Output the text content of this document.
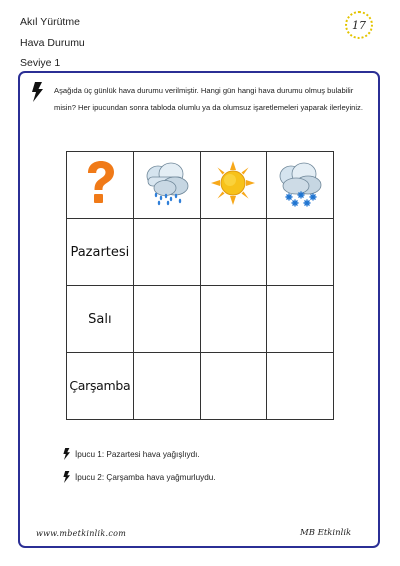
Akıl Yürütme
Hava Durumu
Seviye 1
17
Aşağıda üç günlük hava durumu verilmiştir. Hangi gün hangi hava durumu olmuş bulabilir misin? Her ipucundan sonra tabloda olumlu ya da olumsuz işaretlemeleri yaparak ilerleyiniz.

Pazartesi			
Salı			
Çarşamba			
İpucu 1: Pazartesi hava yağışlıydı.
İpucu 2: Çarşamba hava yağmurluydu.
www.mbetkinlik.com	MB Etkinlik
